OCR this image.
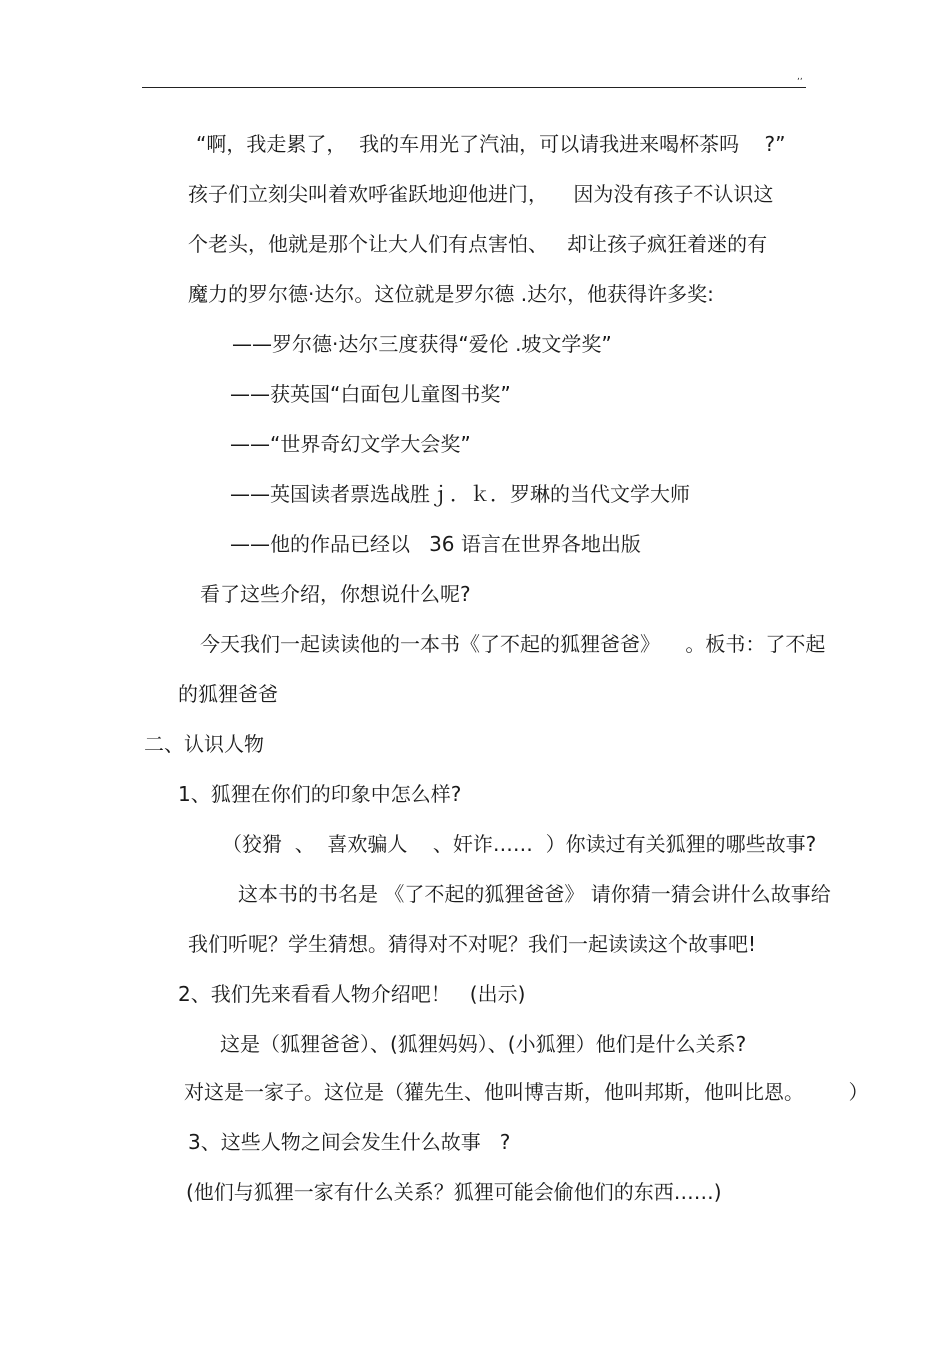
,,
“啊，我走累了，  我的车用光了汽油，可以请我进来喝杯茶吗    ?”
孩子们立刻尖叫着欢呼雀跃地迎他进门，    因为没有孩子不认识这
个老头，他就是那个让大人们有点害怕、   却让孩子疯狂着迷的有
魔力的罗尔德·达尔。这位就是罗尔德 .达尔，他获得许多奖:
——罗尔德·达尔三度获得“爱伦 .坡文学奖”
——获英国“白面包儿童图书奖”
——“世界奇幻文学大会奖”
——英国读者票选战胜ｊ．ｋ．罗琳的当代文学大师
——他的作品已经以   36 语言在世界各地出版
看了这些介绍，你想说什么呢?
今天我们一起读读他的一本书《了不起的狐狸爸爸》    。板书：了不起
的狐狸爸爸
二、认识人物
1、狐狸在你们的印象中怎么样?
（狡猾  、  喜欢骗人    、奸诈……  ）你读过有关狐狸的哪些故事?
这本书的书名是 《了不起的狐狸爸爸》 请你猜一猜会讲什么故事给
我们听呢？学生猜想。猜得对不对呢？我们一起读读这个故事吧!
2、我们先来看看人物介绍吧！   (出示)
这是（狐狸爸爸）、(狐狸妈妈）、(小狐狸）他们是什么关系?
对这是一家子。这位是（獾先生、他叫博吉斯，他叫邦斯，他叫比恩。       ）
3、这些人物之间会发生什么故事   ?
(他们与狐狸一家有什么关系？狐狸可能会偷他们的东西……)
